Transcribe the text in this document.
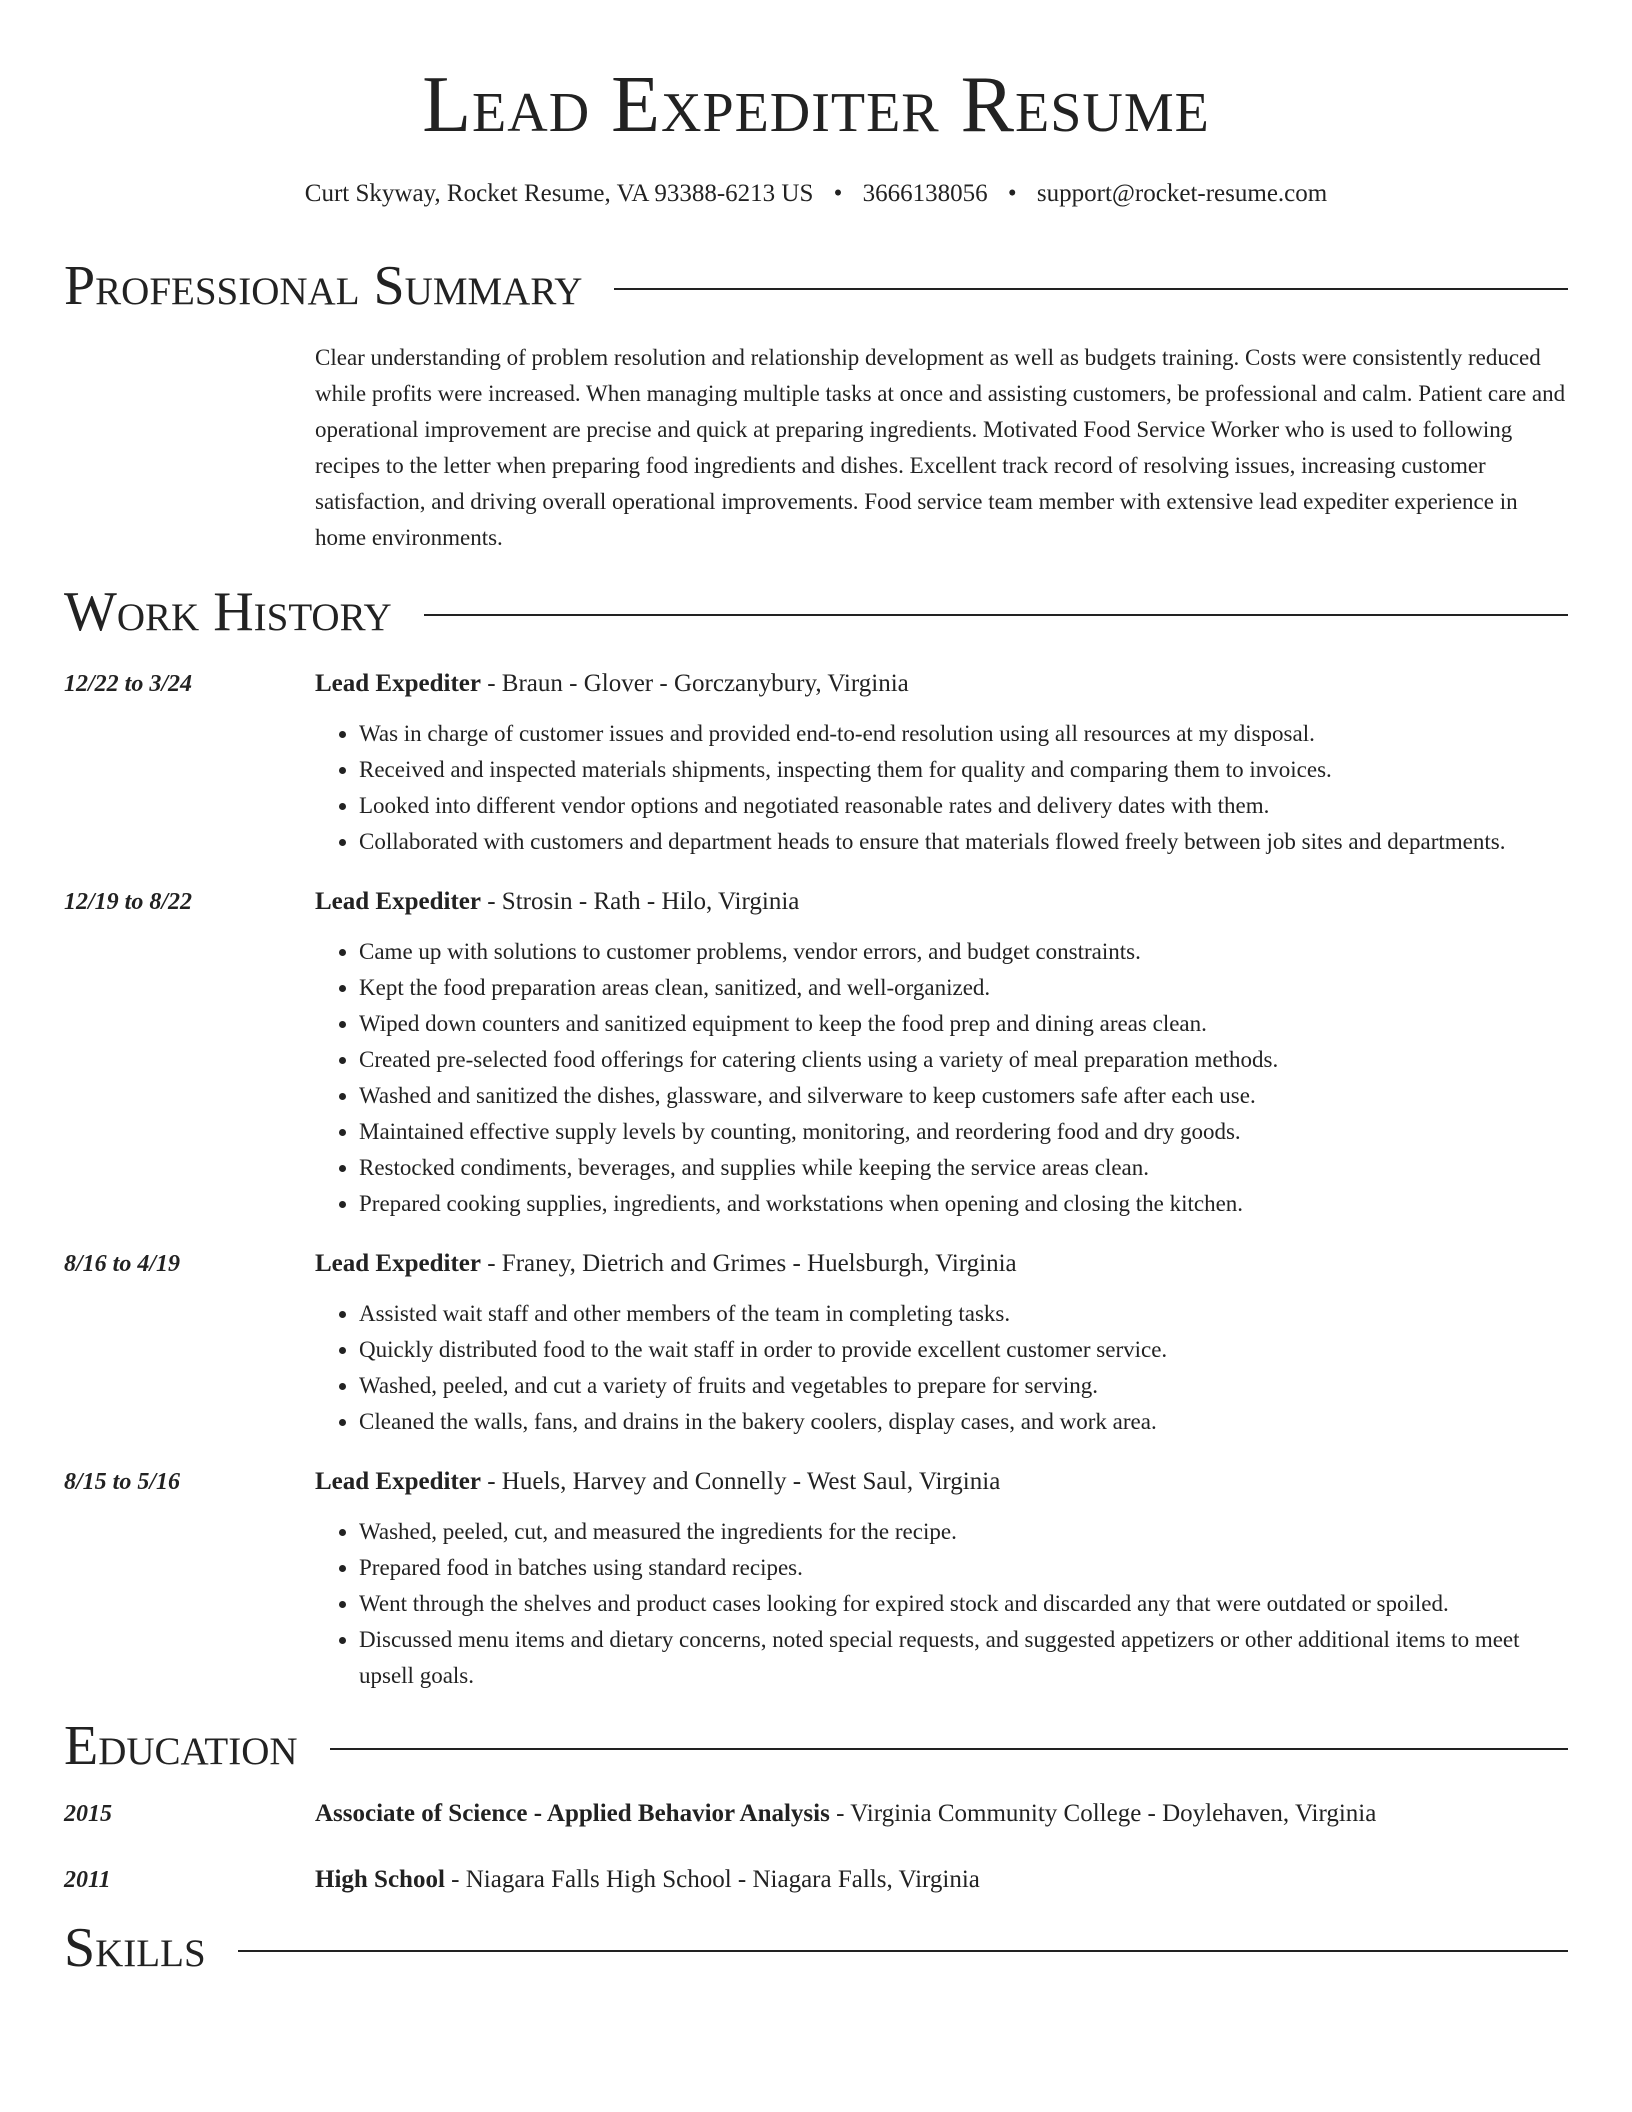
Lead Expediter Resume
Curt Skyway, Rocket Resume, VA 93388-6213 US • 3666138056 • support@rocket-resume.com
Professional Summary
Clear understanding of problem resolution and relationship development as well as budgets training. Costs were consistently reduced while profits were increased. When managing multiple tasks at once and assisting customers, be professional and calm. Patient care and operational improvement are precise and quick at preparing ingredients. Motivated Food Service Worker who is used to following recipes to the letter when preparing food ingredients and dishes. Excellent track record of resolving issues, increasing customer satisfaction, and driving overall operational improvements. Food service team member with extensive lead expediter experience in home environments.
Work History
12/22 to 3/24	Lead Expediter - Braun - Glover - Gorczanybury, Virginia
• Was in charge of customer issues and provided end-to-end resolution using all resources at my disposal.
• Received and inspected materials shipments, inspecting them for quality and comparing them to invoices.
• Looked into different vendor options and negotiated reasonable rates and delivery dates with them.
• Collaborated with customers and department heads to ensure that materials flowed freely between job sites and departments.
12/19 to 8/22	Lead Expediter - Strosin - Rath - Hilo, Virginia
• Came up with solutions to customer problems, vendor errors, and budget constraints.
• Kept the food preparation areas clean, sanitized, and well-organized.
• Wiped down counters and sanitized equipment to keep the food prep and dining areas clean.
• Created pre-selected food offerings for catering clients using a variety of meal preparation methods.
• Washed and sanitized the dishes, glassware, and silverware to keep customers safe after each use.
• Maintained effective supply levels by counting, monitoring, and reordering food and dry goods.
• Restocked condiments, beverages, and supplies while keeping the service areas clean.
• Prepared cooking supplies, ingredients, and workstations when opening and closing the kitchen.
8/16 to 4/19	Lead Expediter - Franey, Dietrich and Grimes - Huelsburgh, Virginia
• Assisted wait staff and other members of the team in completing tasks.
• Quickly distributed food to the wait staff in order to provide excellent customer service.
• Washed, peeled, and cut a variety of fruits and vegetables to prepare for serving.
• Cleaned the walls, fans, and drains in the bakery coolers, display cases, and work area.
8/15 to 5/16	Lead Expediter - Huels, Harvey and Connelly - West Saul, Virginia
• Washed, peeled, cut, and measured the ingredients for the recipe.
• Prepared food in batches using standard recipes.
• Went through the shelves and product cases looking for expired stock and discarded any that were outdated or spoiled.
• Discussed menu items and dietary concerns, noted special requests, and suggested appetizers or other additional items to meet upsell goals.
Education
2015	Associate of Science - Applied Behavior Analysis - Virginia Community College - Doylehaven, Virginia
2011	High School - Niagara Falls High School - Niagara Falls, Virginia
Skills
